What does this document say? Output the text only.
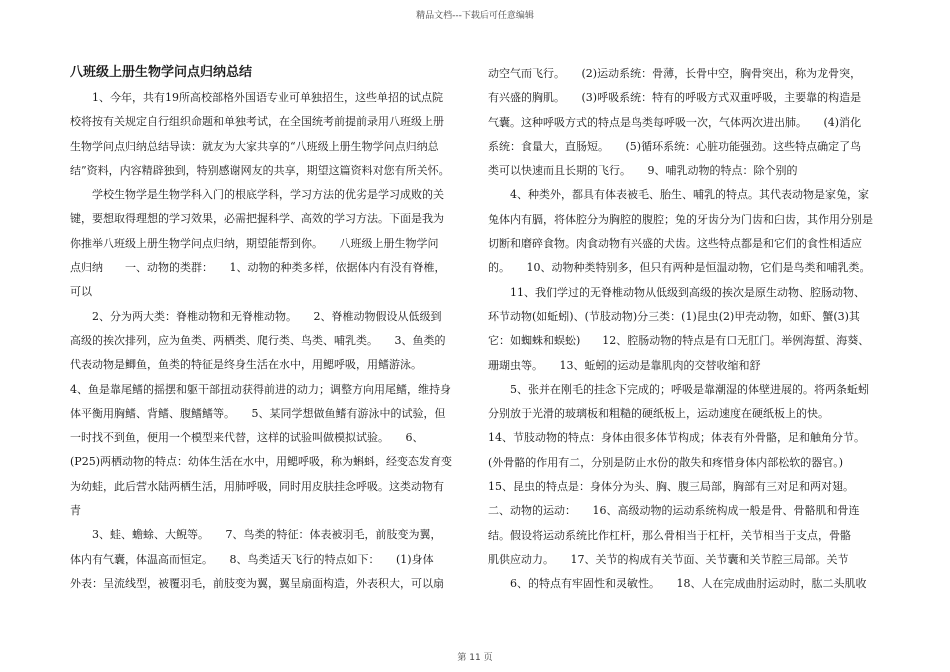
精品文档---下载后可任意编辑
八班级上册生物学问点归纳总结
　　1、今年，共有19所高校部格外国语专业可单独招生，这些单招的试点院
校将按有关规定自行组织命题和单独考试，在全国统考前提前录用八班级上册
生物学问点归纳总结导读：就友为大家共享的“八班级上册生物学问点归纳总
结”资料，内容精辟独到，特别感谢网友的共享，期望这篇资料对您有所关怀。
　　学校生物学是生物学科入门的根底学科，学习方法的优劣是学习成败的关
键，要想取得理想的学习效果，必需把握科学、高效的学习方法。下面是我为
你推举八班级上册生物学问点归纳，期望能帮到你。　　八班级上册生物学问
点归纳　　一、动物的类群：　　1、动物的种类多样，依据体内有没有脊椎，
可以
　　2、分为两大类：脊椎动物和无脊椎动物。　　2、脊椎动物假设从低级到
高级的挨次排列，应为鱼类、两栖类、爬行类、鸟类、哺乳类。　　3、鱼类的
代表动物是鲫鱼，鱼类的特征是终身生活在水中，用鳃呼吸，用鳍游泳。
4、鱼是靠尾鳍的摇摆和躯干部扭动获得前进的动力；调整方向用尾鳍，维持身
体平衡用胸鳍、背鳍、腹鳍鳍等。　　5、某同学想做鱼鳍有游泳中的试验，但
一时找不到鱼，便用一个模型来代替，这样的试验叫做模拟试验。　　6、
(P25)两栖动物的特点：幼体生活在水中，用鳃呼吸，称为蝌蚪，经变态发育变
为幼蛙，此后营水陆两栖生活，用肺呼吸，同时用皮肤挂念呼吸。这类动物有
青
　　3、蛙、蟾蜍、大鲵等。　　7、鸟类的特征：体表被羽毛，前肢变为翼，
体内有气囊，体温高而恒定。　　8、鸟类适天飞行的特点如下：　　(1)身体
外表：呈流线型，被覆羽毛，前肢变为翼，翼呈扇面构造，外表积大，可以扇
动空气而飞行。　　(2)运动系统：骨薄，长骨中空，胸骨突出，称为龙骨突，
有兴盛的胸肌。　　(3)呼吸系统：特有的呼吸方式双重呼吸，主要靠的构造是
气囊。这种呼吸方式的特点是鸟类每呼吸一次，气体两次进出肺。　　(4)消化
系统：食量大，直肠短。　　(5)循环系统：心脏功能强劲。这些特点确定了鸟
类可以快速而且长期的飞行。　　9、哺乳动物的特点：除个别的
　　4、种类外，都具有体表被毛、胎生、哺乳的特点。其代表动物是家兔，家
兔体内有膈，将体腔分为胸腔的腹腔；兔的牙齿分为门齿和臼齿，其作用分别是
切断和磨碎食物。肉食动物有兴盛的犬齿。这些特点都是和它们的食性相适应
的。　　10、动物种类特别多，但只有两种是恒温动物，它们是鸟类和哺乳类。
　　11、我们学过的无脊椎动物从低级到高级的挨次是原生动物、腔肠动物、
环节动物(如蚯蚓)、(节肢动物)分三类：(1)昆虫(2)甲壳动物，如虾、蟹(3)其
它：如蜘蛛和蜈蚣)　　12、腔肠动物的特点是有口无肛门。举例海蜇、海葵、
珊瑚虫等。　　13、蚯蚓的运动是靠肌肉的交替收缩和舒
　　5、张并在刚毛的挂念下完成的；呼吸是靠潮湿的体壁进展的。将两条蚯蚓
分别放于光滑的玻璃板和粗糙的硬纸板上，运动速度在硬纸板上的快。
14、节肢动物的特点：身体由很多体节构成；体表有外骨骼，足和触角分节。
(外骨骼的作用有二，分别是防止水份的散失和疼惜身体内部松软的器官。)
15、昆虫的特点是：身体分为头、胸、腹三局部，胸部有三对足和两对翅。
二、动物的运动：　　16、高级动物的运动系统构成一般是骨、骨骼肌和骨连
结。假设将运动系统比作杠杆，那么骨相当于杠杆，关节相当于支点，骨骼
肌供应动力。　　17、关节的构成有关节面、关节囊和关节腔三局部。关节
　　6、的特点有牢固性和灵敏性。　　18、人在完成曲肘运动时，肱二头肌收
第 11 页
